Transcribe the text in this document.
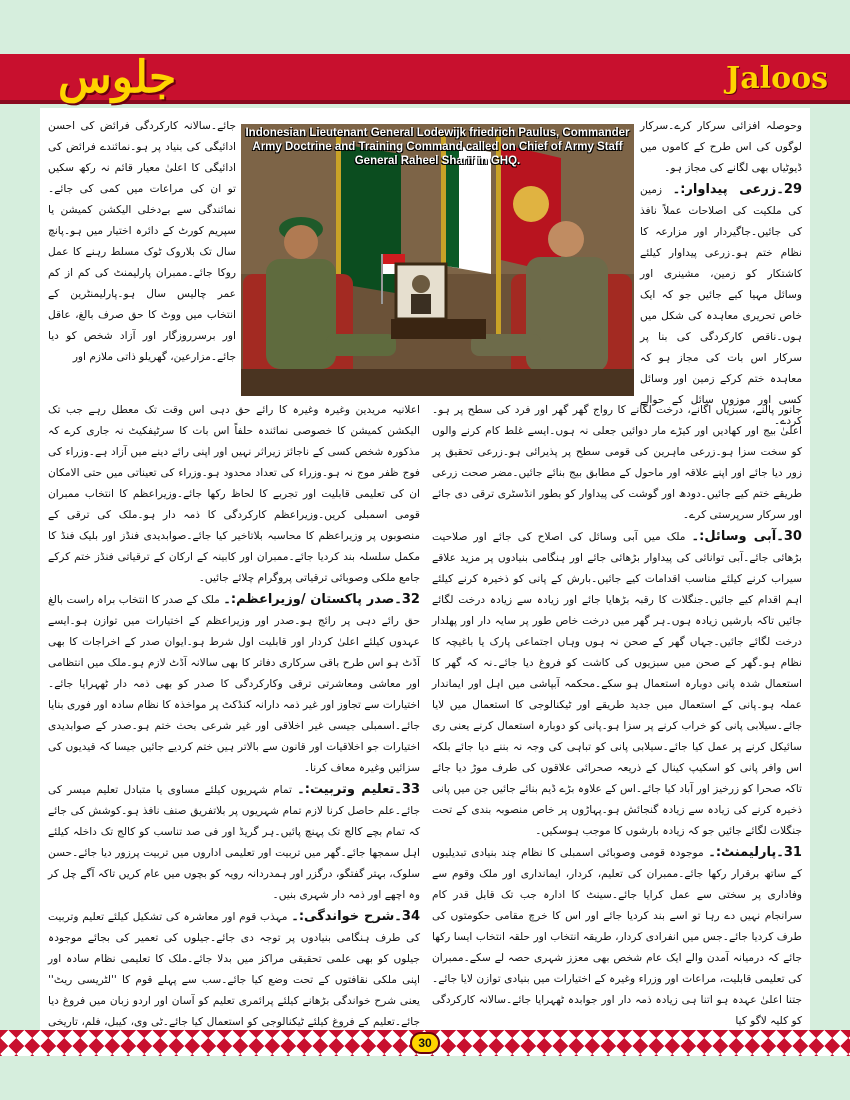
جلوس	Jaloos

جائے۔سالانہ کارکردگی فرائض کی احسن ادائیگی کی بنیاد پر ہو۔نمائندے فرائض کی ادائیگی کا اعلیٰ معیار قائم نہ رکھ سکیں تو ان کی مراعات میں کمی کی جائے۔نمائندگی سے بےدخلی الیکشن کمیشن یا سپریم کورٹ کے دائرہ اختیار میں ہو۔پانچ سال تک بلاروک ٹوک مسلط رہنے کا عمل روکا جائے۔ممبران پارلیمنٹ کی کم از کم عمر چالیس سال ہو۔پارلیمنٹرین کے انتخاب میں ووٹ کا حق صرف بالغ، عاقل اور برسرروزگار اور آزاد شخص کو دیا جائے۔مزارعین، گھریلو ذاتی ملازم اور

Indonesian Lieutenant General Lodewijk friedrich Paulus, Commander Army Doctrine and Training Command called on Chief of Army Staff General Raheel Sharif in GHQ.

وحوصلہ افزائی سرکار کرے۔سرکار لوگوں کی اس طرح کے کاموں میں ڈیوٹیاں بھی لگانے کی مجاز ہو۔

29۔زرعی پیداوار:۔ زمین کی ملکیت کی اصلاحات عملاً نافذ کی جائیں۔جاگیردار اور مزارعہ کا نظام ختم ہو۔زرعی پیداوار کیلئے کاشتکار کو زمین، مشینری اور وسائل مہیا کیے جائیں جو کہ ایک خاص تحریری معاہدہ کی شکل میں ہوں۔ناقص کارکردگی کی بنا پر سرکار اس بات کی مجاز ہو کہ معاہدہ ختم کرکے زمین اور وسائل کسی اور موزوں سائل کے حوالے کردے۔

جانور پالنے، سبزیاں اگانے، درخت لگانے کا رواج گھر گھر اور فرد کی سطح پر ہو۔اعلیٰ بیج اور کھادیں اور کیڑے مار دوائیں جعلی نہ ہوں۔ایسے غلط کام کرنے والوں کو سخت سزا ہو۔زرعی ماہرین کی قومی سطح پر پذیرائی ہو۔زرعی تحقیق پر زور دیا جائے اور اپنے علاقہ اور ماحول کے مطابق بیج بنائے جائیں۔مضر صحت زرعی طریقے ختم کیے جائیں۔دودھ اور گوشت کی پیداوار کو بطور انڈسٹری ترقی دی جائے اور سرکار سرپرستی کرے۔

30۔آبی وسائل:۔ ملک میں آبی وسائل کی اصلاح کی جائے اور صلاحیت بڑھائی جائے۔آبی توانائی کی پیداوار بڑھائی جائے اور ہنگامی بنیادوں پر مزید علاقے سیراب کرنے کیلئے مناسب اقدامات کیے جائیں۔بارش کے پانی کو ذخیرہ کرنے کیلئے اہم اقدام کیے جائیں۔جنگلات کا رقبہ بڑھایا جائے اور زیادہ سے زیادہ درخت لگائے جائیں تاکہ بارشیں زیادہ ہوں۔ہر گھر میں درخت خاص طور پر سایہ دار اور پھلدار درخت لگائے جائیں۔جہاں گھر کے صحن نہ ہوں وہاں اجتماعی پارک یا باغیچہ کا نظام ہو۔گھر کے صحن میں سبزیوں کی کاشت کو فروغ دیا جائے۔نہ کہ گھر کا استعمال شدہ پانی دوبارہ استعمال ہو سکے۔محکمہ آبپاشی میں اہل اور ایماندار عملہ ہو۔پانی کے استعمال میں جدید طریقے اور ٹیکنالوجی کا استعمال میں لایا جائے۔سیلابی پانی کو خراب کرنے پر سزا ہو۔پانی کو دوبارہ استعمال کرنے یعنی ری سائیکل کرنے پر عمل کیا جائے۔سیلابی پانی کو تباہی کی وجہ نہ بننے دیا جائے بلکہ اس وافر پانی کو اسکیپ کینال کے ذریعہ صحرائی علاقوں کی طرف موڑ دیا جائے تاکہ صحرا کو زرخیز اور آباد کیا جائے۔اس کے علاوہ بڑے ڈیم بنائے جائیں جن میں پانی ذخیرہ کرنے کی زیادہ سے زیادہ گنجائش ہو۔پہاڑوں پر خاص منصوبہ بندی کے تحت جنگلات لگائے جائیں جو کہ زیادہ بارشوں کا موجب ہوسکیں۔

31۔پارلیمنٹ:۔ موجودہ قومی وصوبائی اسمبلی کا نظام چند بنیادی تبدیلیوں کے ساتھ برقرار رکھا جائے۔ممبران کی تعلیم، کردار، ایمانداری اور ملک وقوم سے وفاداری پر سختی سے عمل کرایا جائے۔سینٹ کا ادارہ جب تک قابل قدر کام سرانجام نہیں دے رہا تو اسے بند کردیا جائے اور اس کا خرچ مقامی حکومتوں کی طرف کردیا جائے۔جس میں انفرادی کردار، طریقہ انتخاب اور حلقہ انتخاب ایسا رکھا جائے کہ درمیانہ آمدن والے ایک عام شخص بھی معزز شہری حصہ لے سکے۔ممبران کی تعلیمی قابلیت، مراعات اور وزراء وغیرہ کے اختیارات میں بنیادی توازن لایا جائے۔جتنا اعلیٰ عہدہ ہو اتنا ہی زیادہ ذمہ دار اور جوابدہ ٹھہرایا جائے۔سالانہ کارکردگی کو کلیہ لاگو کیا

اعلانیہ مریدین وغیرہ وغیرہ کا رائے حق دہی اس وقت تک معطل رہے جب تک الیکشن کمیشن کا خصوصی نمائندہ حلفاً اس بات کا سرٹیفکیٹ نہ جاری کرے کہ مذکورہ شخص کسی کے ناجائز زیراثر نہیں اور اپنی رائے دینے میں آزاد ہے۔وزراء کی فوج ظفر موج نہ ہو۔وزراء کی تعداد محدود ہو۔وزراء کی تعیناتی میں حتی الامکان ان کی تعلیمی قابلیت اور تجربے کا لحاظ رکھا جائے۔وزیراعظم کا انتخاب ممبران قومی اسمبلی کریں۔وزیراعظم کارکردگی کا ذمہ دار ہو۔ملک کی ترقی کے منصوبوں پر وزیراعظم کا محاسبہ بلاتاخیر کیا جائے۔صوابدیدی فنڈز اور بلیک فنڈ کا مکمل سلسلہ بند کردیا جائے۔ممبران اور کابینہ کے ارکان کے ترقیاتی فنڈز ختم کرکے جامع ملکی وصوبائی ترقیاتی پروگرام چلائے جائیں۔

32۔صدر پاکستان /وزیراعظم:۔ ملک کے صدر کا انتخاب براہ راست بالغ حق رائے دہی پر رائج ہو۔صدر اور وزیراعظم کے اختیارات میں توازن ہو۔ایسے عہدوں کیلئے اعلیٰ کردار اور قابلیت اول شرط ہو۔ایوان صدر کے اخراجات کا بھی آڈٹ ہو اس طرح باقی سرکاری دفاتر کا بھی سالانہ آڈٹ لازم ہو۔ملک میں انتظامی اور معاشی ومعاشرتی ترقی وکارکردگی کا صدر کو بھی ذمہ دار ٹھہرایا جائے۔اختیارات سے تجاوز اور غیر ذمہ دارانہ کنڈکٹ پر مواخذہ کا نظام سادہ اور فوری بنایا جائے۔اسمبلی جیسی غیر اخلاقی اور غیر شرعی بحث ختم ہو۔صدر کے صوابدیدی اختیارات جو اخلاقیات اور قانون سے بالاتر ہیں ختم کردیے جائیں جیسا کہ قیدیوں کی سزائیں وغیرہ معاف کرنا۔

33۔تعلیم وتربیت:۔ تمام شہریوں کیلئے مساوی یا متبادل تعلیم میسر کی جائے۔علم حاصل کرنا لازم تمام شہریوں پر بلاتفریق صنف نافذ ہو۔کوشش کی جائے کہ تمام بچے کالج تک پہنچ پائیں۔ہر گریڈ اور فی صد تناسب کو کالج تک داخلہ کیلئے اہل سمجھا جائے۔گھر میں تربیت اور تعلیمی اداروں میں تربیت پرزور دیا جائے۔حسن سلوک، بہتر گفتگو، درگزر اور ہمدردانہ رویہ کو بچوں میں عام کریں تاکہ آگے چل کر وہ اچھے اور ذمہ دار شہری بنیں۔

34۔شرح خواندگی:۔ مہذب قوم اور معاشرہ کی تشکیل کیلئے تعلیم وتربیت کی طرف ہنگامی بنیادوں پر توجہ دی جائے۔جیلوں کی تعمیر کی بجائے موجودہ جیلوں کو بھی علمی تحقیقی مراکز میں بدلا جائے۔ملک کا تعلیمی نظام سادہ اور اپنی ملکی نقافتوں کے تحت وضع کیا جائے۔سب سے پہلے قوم کا ''لٹریسی ریٹ'' یعنی شرح خواندگی بڑھانے کیلئے پرائمری تعلیم کو آسان اور اردو زبان میں فروغ دیا جائے۔تعلیم کے فروغ کیلئے ٹیکنالوجی کو استعمال کیا جائے۔ٹی وی، کیبل، فلم، تاریخی

30
